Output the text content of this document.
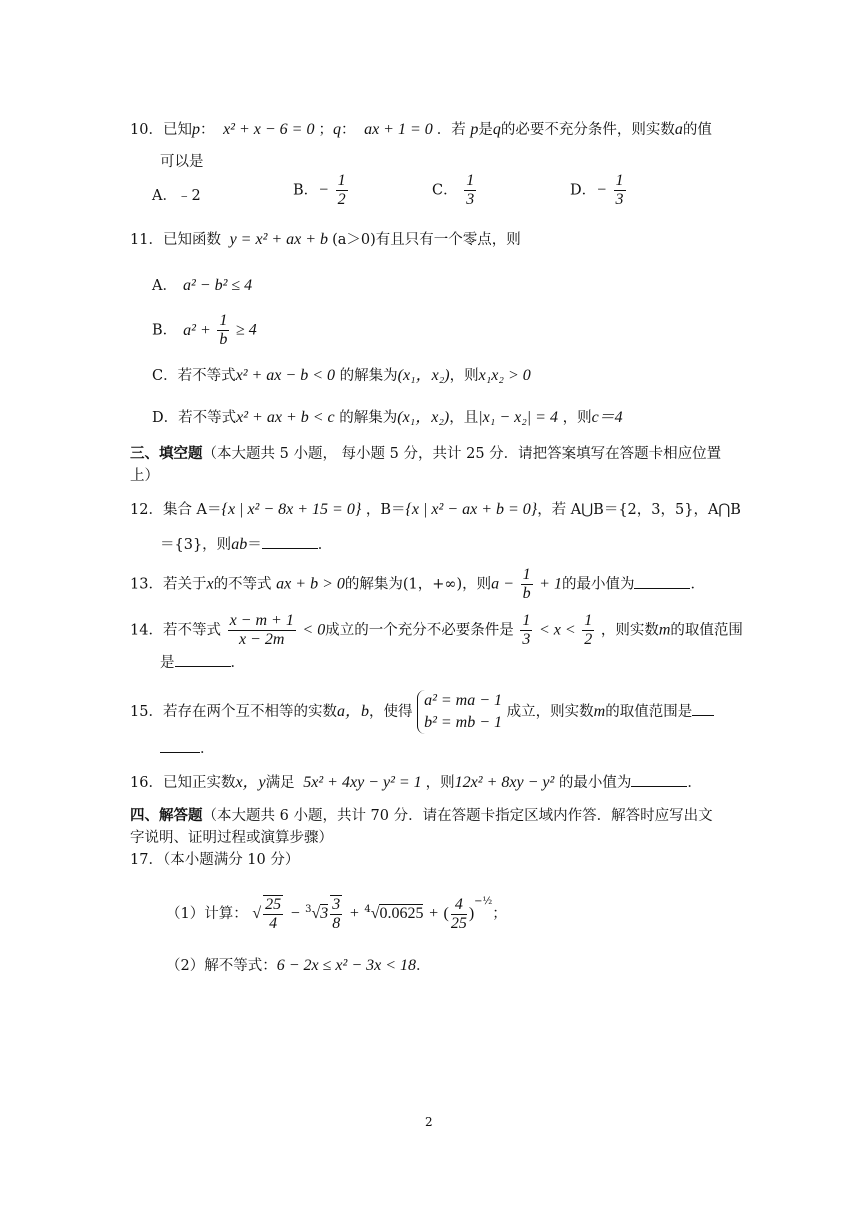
10．已知p： x² + x − 6 = 0 ；q： ax + 1 = 0 ．若 p是q的必要不充分条件，则实数a的值
可以是
A．﹣2	B．− $\frac{1}{2}$	C． $\frac{1}{3}$	D．− $\frac{1}{3}$
11．已知函数 y = x² + ax + b (a＞0)有且只有一个零点，则
A． a² − b² ≤ 4
B． $a^2 + \frac{1}{b} \ge 4$
C．若不等式x² + ax − b < 0 的解集为(x₁，x₂)，则x₁x₂ > 0
D．若不等式x² + ax + b < c 的解集为(x₁，x₂)，且|x₁ − x₂| = 4 ，则c＝4
三、填空题（本大题共 5 小题， 每小题 5 分，共计 25 分．请把答案填写在答题卡相应位置
上）
12．集合 A＝{x | x² − 8x + 15 = 0} ，B＝{x | x² − ax + b = 0}，若 A⋃B＝{2，3，5}，A⋂B
＝{3}，则ab＝	．
13．若关于x的不等式 ax + b > 0的解集为(1，+∞)，则$a - \frac{1}{b} + 1$的最小值为	．
14．若不等式 $\frac{x - m + 1}{x - 2m} < 0$成立的一个充分不必要条件是 $\frac{1}{3} < x < \frac{1}{2}$ ，则实数m的取值范围
是	．
15．若存在两个互不相等的实数a，b，使得
a² = ma − 1
b² = mb − 1
成立，则实数m的取值范围是
．
16．已知正实数x，y满足 5x² + 4xy − y² = 1 ，则12x² + 8xy − y² 的最小值为	．
四、解答题（本大题共 6 小题，共计 70 分．请在答题卡指定区域内作答．解答时应写出文
字说明、证明过程或演算步骤）
17．（本小题满分 10 分）
（1）计算： √ $\frac{25}{4} - ^3√3 \frac{3}{8} + ^4√0.0625$ + ( $\frac{4}{25} )^{-\frac{1}{2}}$；
（2）解不等式：6 − 2x ≤ x² − 3x < 18．
2
